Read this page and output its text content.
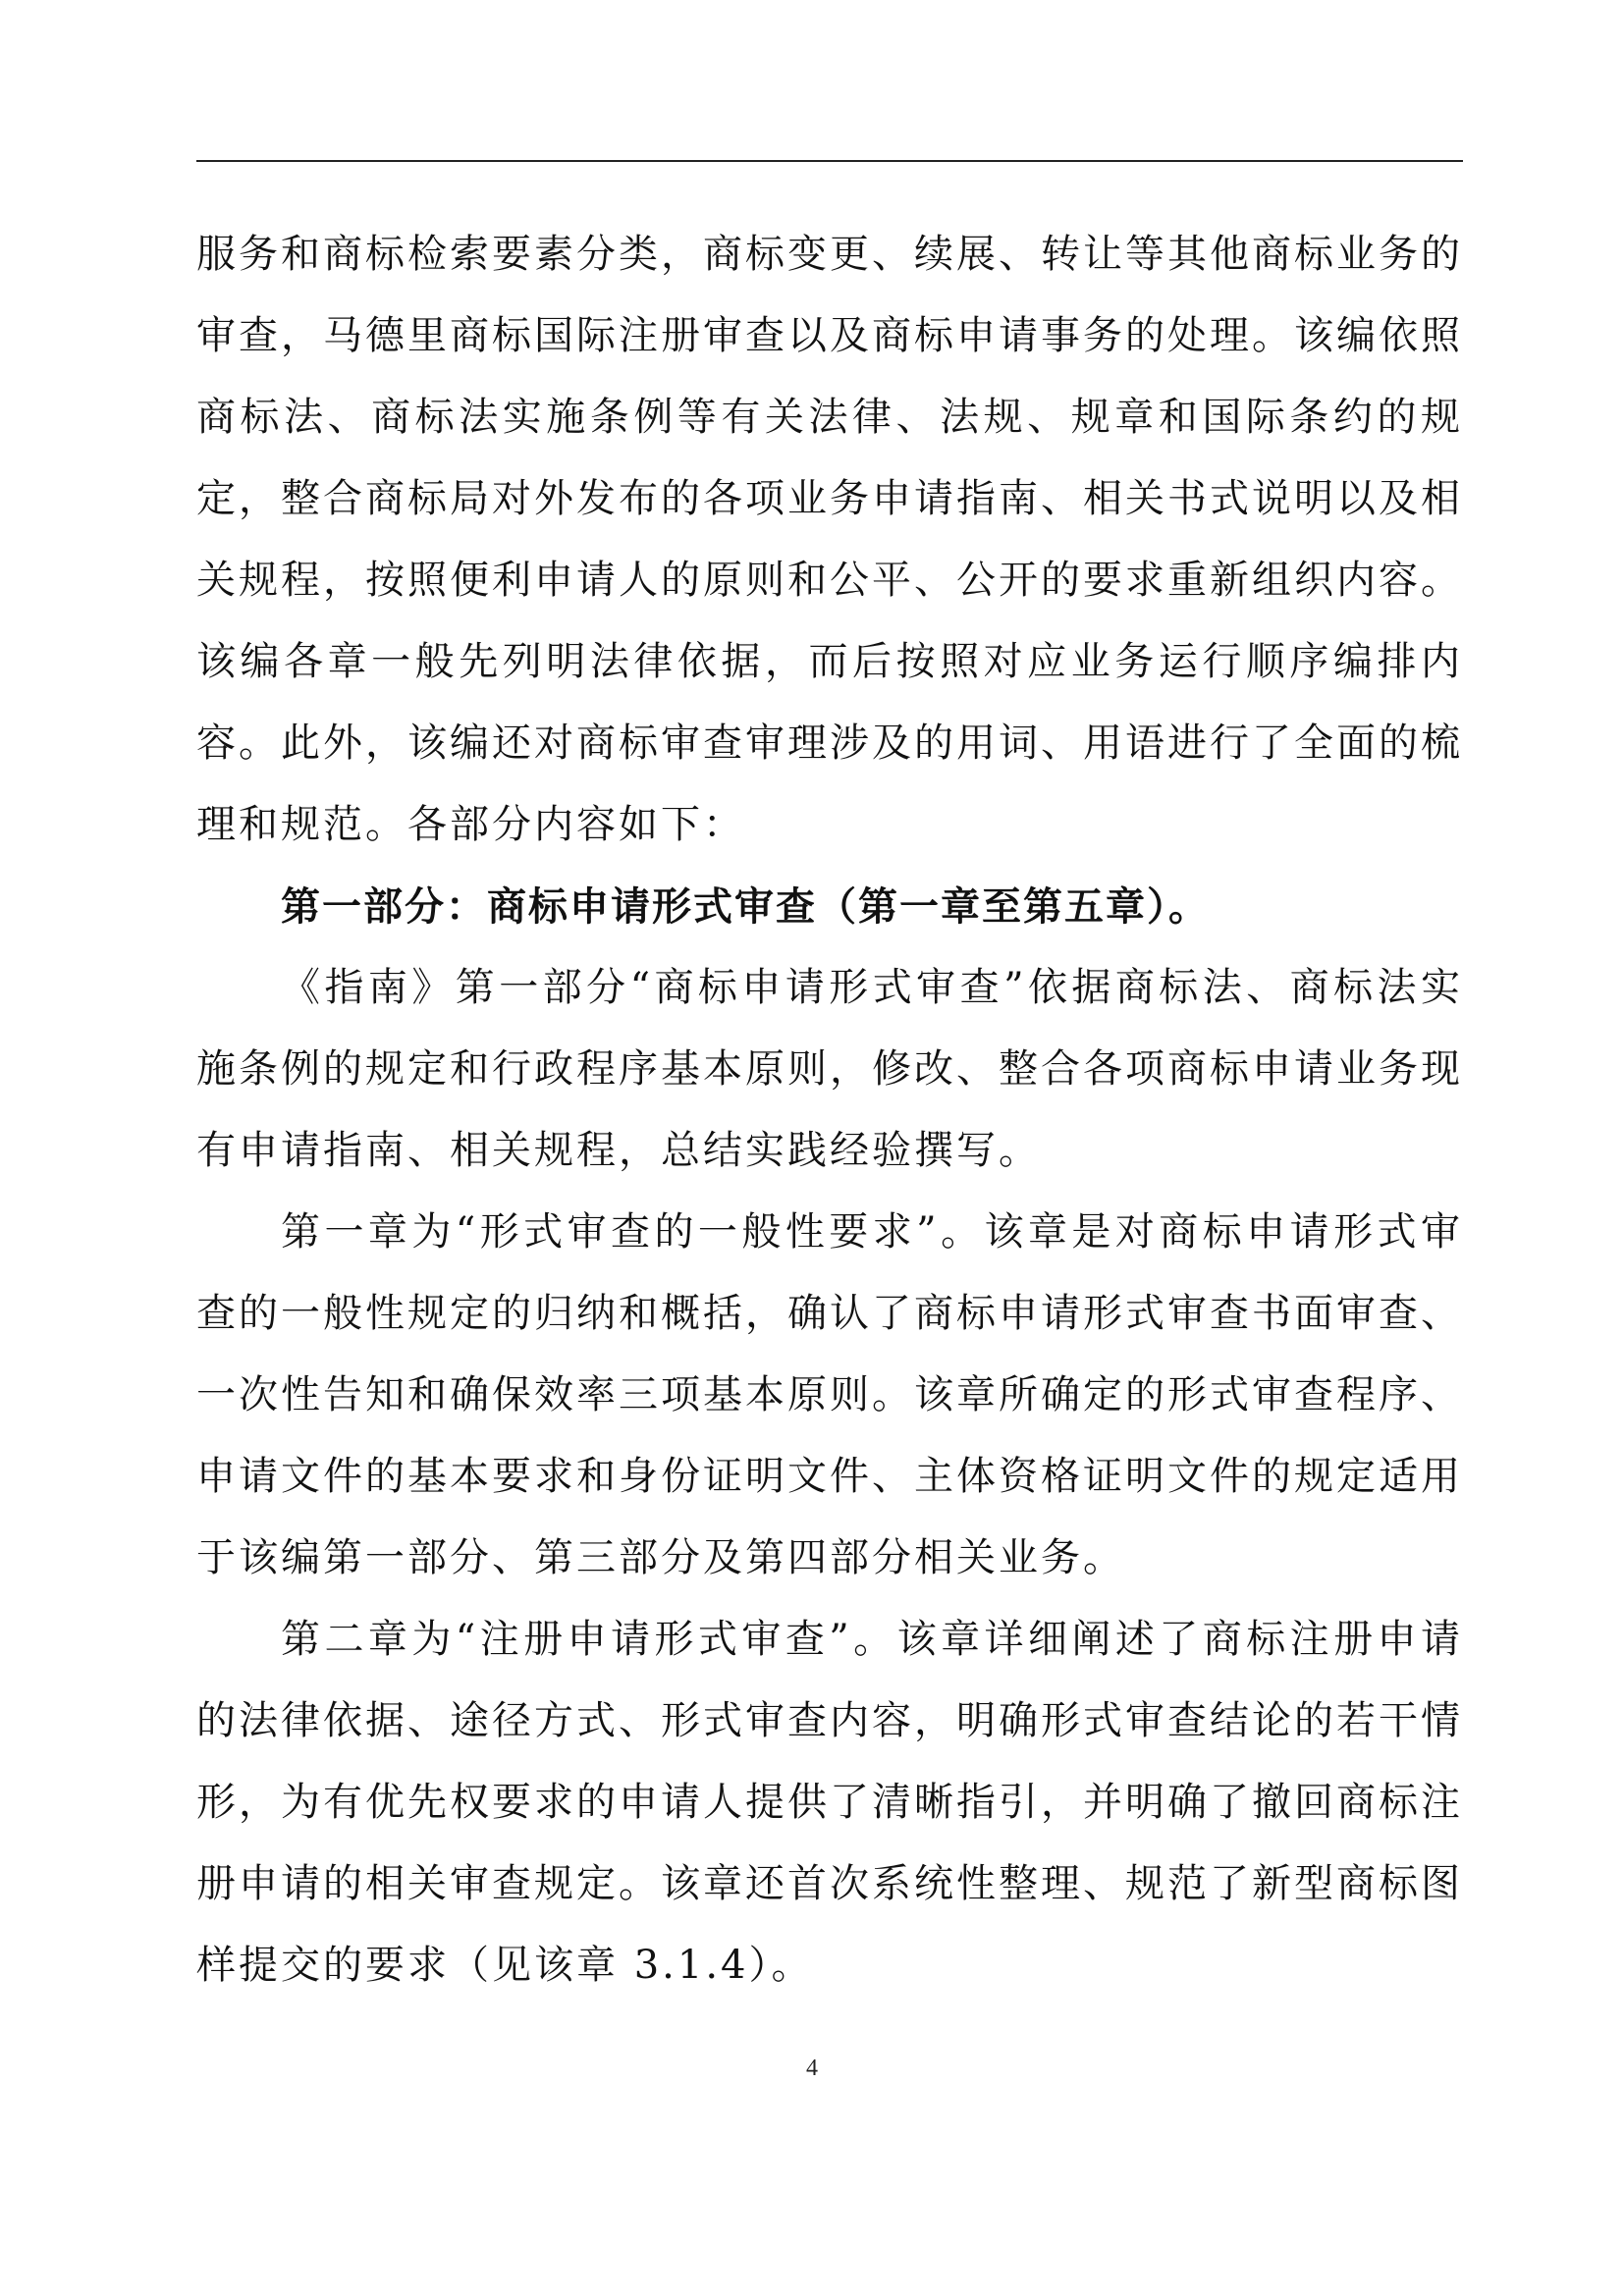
服务和商标检索要素分类，商标变更、续展、转让等其他商标业务的审查，马德里商标国际注册审查以及商标申请事务的处理。该编依照商标法、商标法实施条例等有关法律、法规、规章和国际条约的规定，整合商标局对外发布的各项业务申请指南、相关书式说明以及相关规程，按照便利申请人的原则和公平、公开的要求重新组织内容。该编各章一般先列明法律依据，而后按照对应业务运行顺序编排内容。此外，该编还对商标审查审理涉及的用词、用语进行了全面的梳理和规范。各部分内容如下：

第一部分：商标申请形式审查（第一章至第五章）。

《指南》第一部分“商标申请形式审查”依据商标法、商标法实施条例的规定和行政程序基本原则，修改、整合各项商标申请业务现有申请指南、相关规程，总结实践经验撰写。

第一章为“形式审查的一般性要求”。该章是对商标申请形式审查的一般性规定的归纳和概括，确认了商标申请形式审查书面审查、一次性告知和确保效率三项基本原则。该章所确定的形式审查程序、申请文件的基本要求和身份证明文件、主体资格证明文件的规定适用于该编第一部分、第三部分及第四部分相关业务。

第二章为“注册申请形式审查”。该章详细阐述了商标注册申请的法律依据、途径方式、形式审查内容，明确形式审查结论的若干情形，为有优先权要求的申请人提供了清晰指引，并明确了撤回商标注册申请的相关审查规定。该章还首次系统性整理、规范了新型商标图样提交的要求（见该章 3.1.4）。

4
